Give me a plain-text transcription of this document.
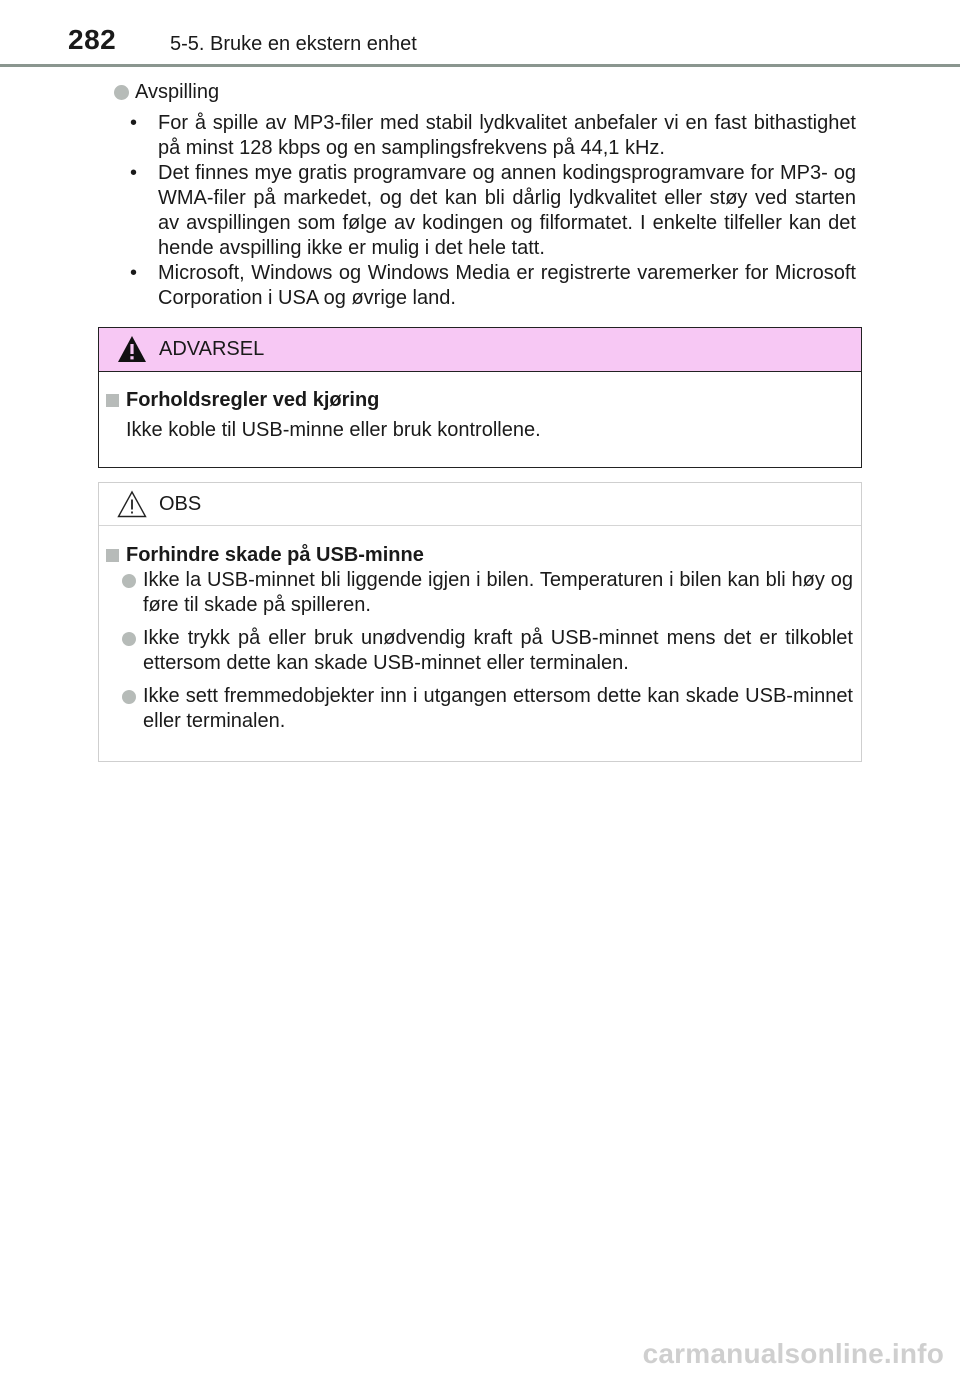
282	5-5. Bruke en ekstern enhet
Avspilling
• For å spille av MP3-filer med stabil lydkvalitet anbefaler vi en fast bithastighet på minst 128 kbps og en samplingsfrekvens på 44,1 kHz.
• Det finnes mye gratis programvare og annen kodingsprogramvare for MP3- og WMA-filer på markedet, og det kan bli dårlig lydkvalitet eller støy ved starten av avspillingen som følge av kodingen og filformatet. I enkelte tilfeller kan det hende avspilling ikke er mulig i det hele tatt.
• Microsoft, Windows og Windows Media er registrerte varemerker for Microsoft Corporation i USA og øvrige land.
ADVARSEL
Forholdsregler ved kjøring
Ikke koble til USB-minne eller bruk kontrollene.
OBS
Forhindre skade på USB-minne
Ikke la USB-minnet bli liggende igjen i bilen. Temperaturen i bilen kan bli høy og føre til skade på spilleren.
Ikke trykk på eller bruk unødvendig kraft på USB-minnet mens det er tilkoblet ettersom dette kan skade USB-minnet eller terminalen.
Ikke sett fremmedobjekter inn i utgangen ettersom dette kan skade USB-minnet eller terminalen.
carmanualsonline.info
